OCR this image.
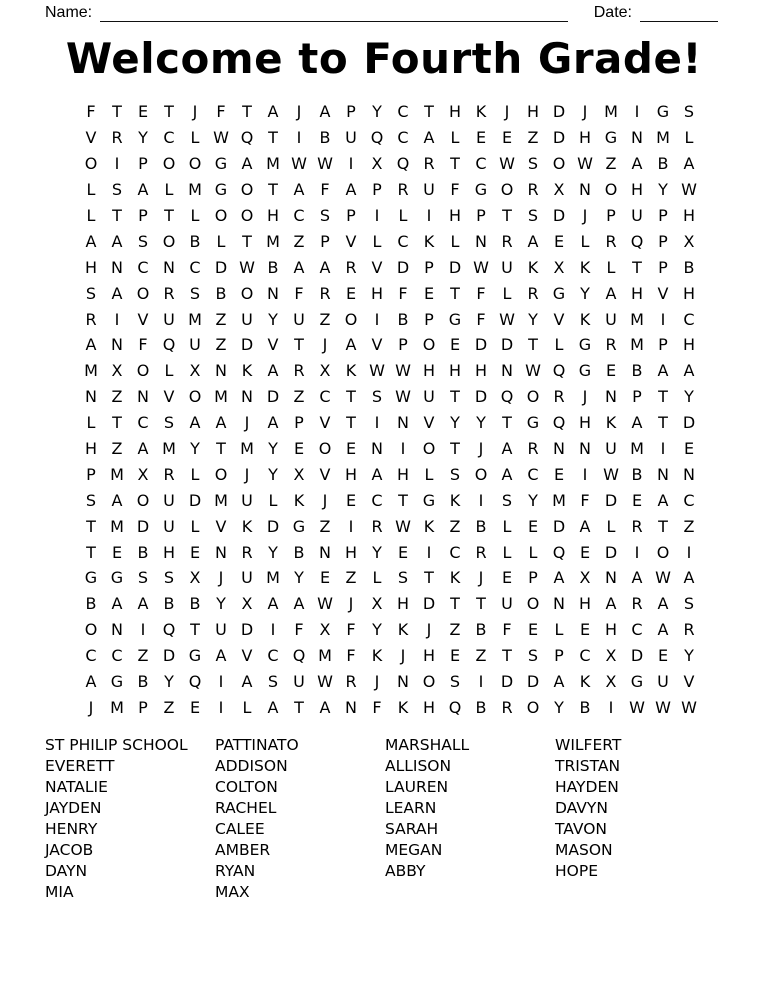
Name:	Date:
Welcome to Fourth Grade!
F	T	E	T	J	F	T A	J	A P	Y C T H K	J	H D	J	M	I	G S
V R Y C L W Q T	I	B U Q C A	L	E E Z D H G N M L
O	I	P O O G A M W W I	X Q R T C W S O W Z A B A
L	S A	L M G O T A F A P R U F G O R X N O H Y W
L	T	P	T	L O O H C S	P	I	L	I	H P	T	S D	J	P U P H
A A S O B	L	T M Z P V	L C K	L N R A E	L R Q P X
H N C N C D W B A A R V D P D W U K X K	L	T	P B
S A O R S B O N F R E H F	E	T	F	L R G Y A H V H
R	I	V U M Z U Y U Z O	I	B P G F W Y V K U M	I	C
A N F Q U Z D V T	J	A V P O E D D T	L G R M P H
M X O L	X N K A R X K W W H H H N W Q G E B A A
N Z N V O M N D Z C T	S W U T D Q O R	J	N P	T	Y
L	T C S A A	J	A P V T	I	N V Y	Y	T G Q H K A T D
H Z A M Y	T M Y	E O E N	I	O T	J	A R N N U M	I	E
P M X R L O	J	Y X V H A H L	S O A C E	I W B N N
S A O U D M U L	K	J	E C T G K	I	S	Y M F D E A C
T M D U L	V K D G Z	I	R W K Z B	L	E D A	L R T Z
T	E B H E N R Y B N H Y	E	I	C R L	L Q E D	I	O	I
G G S S X	J	U M Y	E Z	L	S	T K	J	E	P A X N A W A
B A A B B Y X A A W J	X H D T	T U O N H A R A S
O N	I	Q T U D	I	F X F	Y K	J	Z B F	E	L	E H C A R
C C Z D G A V C Q M F	K	J	H E Z T	S	P C X D E	Y
A G B Y Q	I	A S U W R	J	N O S	I	D D A K X G U V
J	M P Z E	I	L	A T A N F	K H Q B R O Y B	I W W W
ST PHILIP SCHOOL
EVERETT
NATALIE
JAYDEN
HENRY
JACOB
DAYN
MIA
PATTINATO
ADDISON
COLTON
RACHEL
CALEE
AMBER
RYAN
MAX
MARSHALL
ALLISON
LAUREN
LEARN
SARAH
MEGAN
ABBY
WILFERT
TRISTAN
HAYDEN
DAVYN
TAVON
MASON
HOPE
